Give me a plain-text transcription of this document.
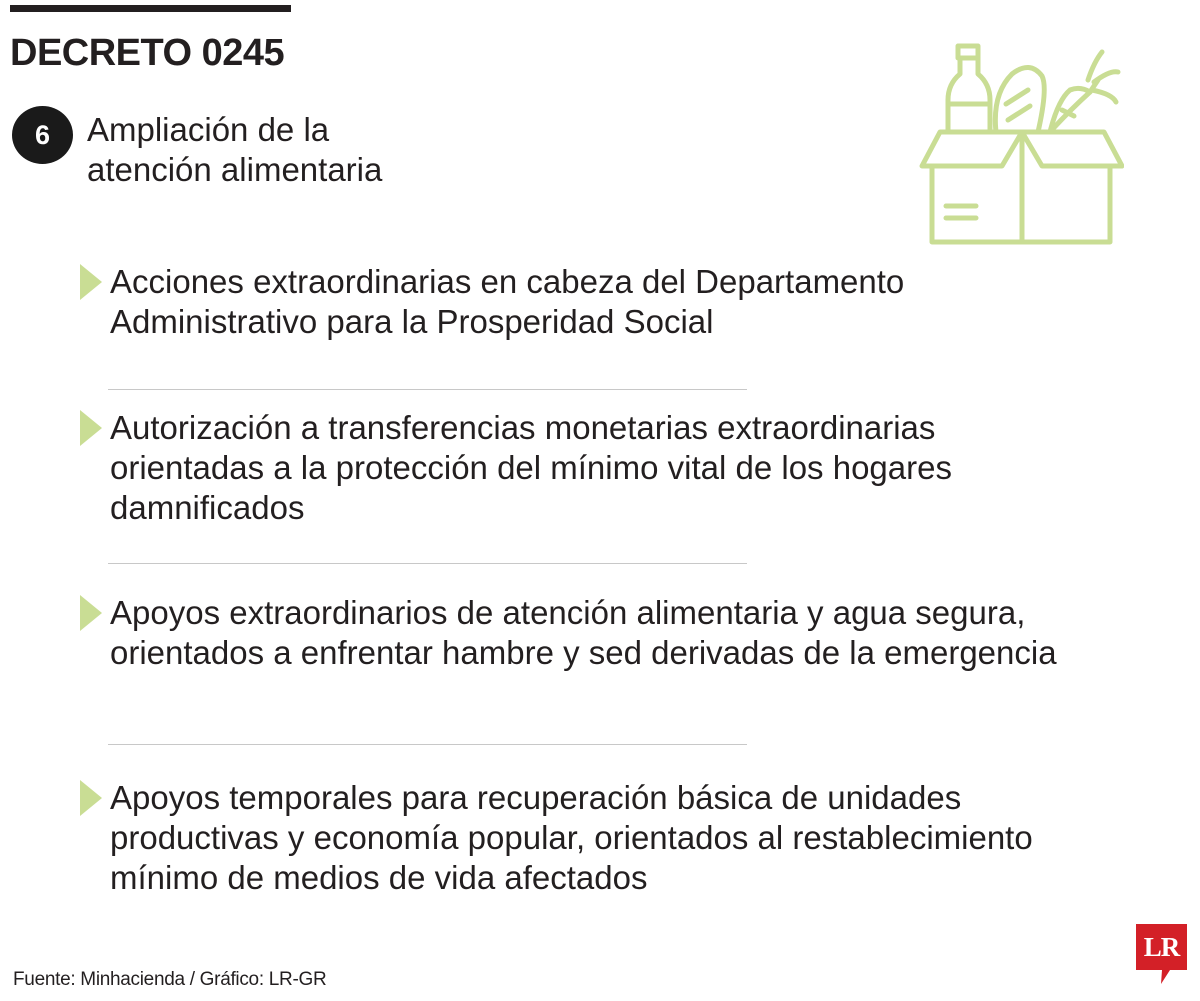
DECRETO 0245
6	Ampliación de la atención alimentaria
Acciones extraordinarias en cabeza del Departamento Administrativo para la Prosperidad Social
Autorización a transferencias monetarias extraordinarias orientadas a la protección del mínimo vital de los hogares damnificados
Apoyos extraordinarios de atención alimentaria y agua segura, orientados a enfrentar hambre y sed derivadas de la emergencia
Apoyos temporales para recuperación básica de unidades productivas y economía popular, orientados al restablecimiento mínimo de medios de vida afectados
Fuente: Minhacienda / Gráfico: LR-GR
LR
